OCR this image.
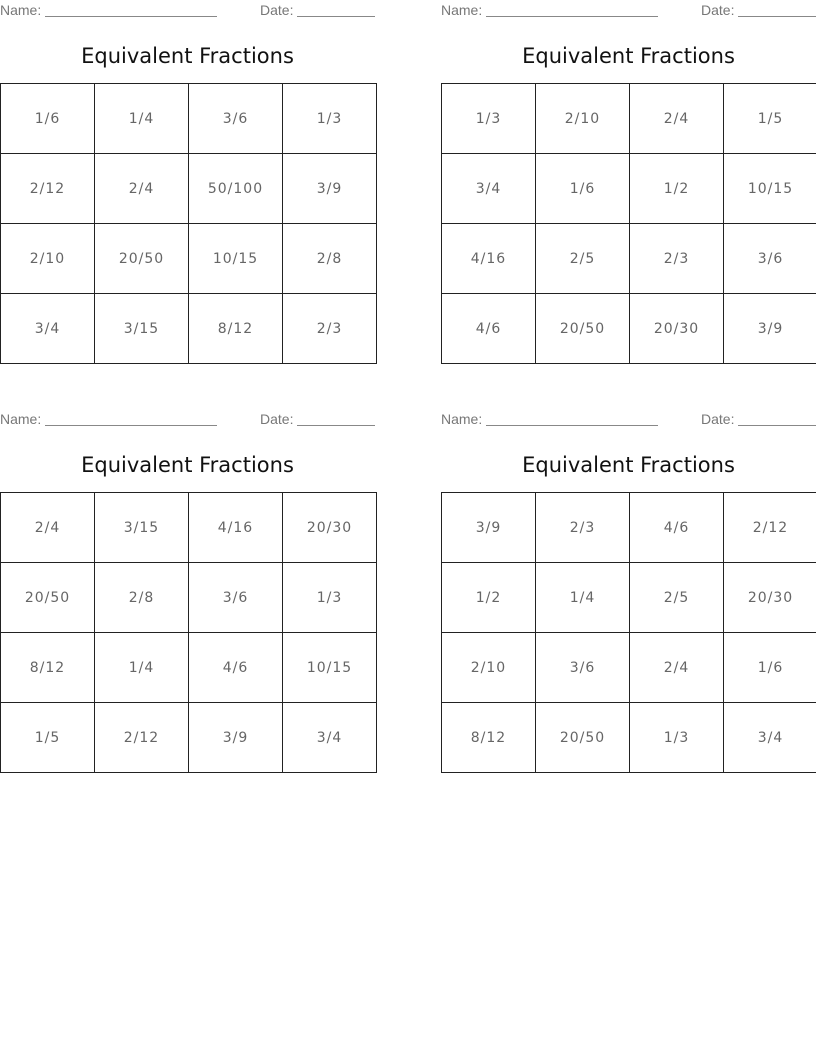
Name:	Date:
Equivalent Fractions
1/6	1/4	3/6	1/3
2/12	2/4	50/100	3/9
2/10	20/50	10/15	2/8
3/4	3/15	8/12	2/3
Name:	Date:
Equivalent Fractions
1/3	2/10	2/4	1/5
3/4	1/6	1/2	10/15
4/16	2/5	2/3	3/6
4/6	20/50	20/30	3/9
Name:	Date:
Equivalent Fractions
2/4	3/15	4/16	20/30
20/50	2/8	3/6	1/3
8/12	1/4	4/6	10/15
1/5	2/12	3/9	3/4
Name:	Date:
Equivalent Fractions
3/9	2/3	4/6	2/12
1/2	1/4	2/5	20/30
2/10	3/6	2/4	1/6
8/12	20/50	1/3	3/4
